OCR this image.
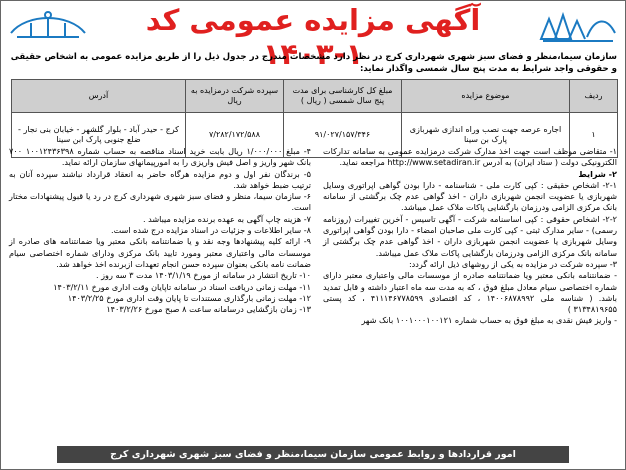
آگهی مزایده عمومی کد ۱-۱۴۰۳
سازمان سیما،منظر و فضای سبز شهری شهرداری کرج در نظر دارد مشخصات مندرج در جدول ذیل را از طریق مزایده عمومی به اشخاص حقیقی و حقوقی واجد شرایط به مدت پنج سال شمسی واگذار نماید:
ردیف	موضوع مزایده	مبلغ کل کارشناسی برای مدت پنج سال شمسی ( ریال )	سپرده شرکت درمزایده به ریال	آدرس
۱	اجاره عرصه جهت نصب وراه اندازی شهربازی پارک بن سینا	۹۱/۰۲۷/۱۵۷/۳۴۶	۷/۲۸۲/۱۷۲/۵۸۸	کرج - حیدر آباد - بلوار گلشهر - خیابان بنی نجار - ضلع جنوبی پارک ابن سینا

۱- متقاضی موظف است جهت اخذ مدارک شرکت درمزایده عمومی به سامانه تدارکات الکترونیکی دولت ( ستاد ایران) به آدرس http://www.setadiran.ir مراجعه نماید.

۲- شرایط

۲-۱- اشخاص حقیقی : کپی کارت ملی - شناسنامه - دارا بودن گواهی اپراتوری وسایل شهربازی یا عضویت انجمن شهربازی داران - اخذ گواهی عدم چک برگشتی از سامانه بانک مرکزی الزامی ودرزمان بارگشایی پاکات ملاک عمل میباشد.

۲-۲- اشخاص حقوقی : کپی اساسنامه شرکت - آگهی تاسیس - آخرین تغییرات (روزنامه رسمی) - سایر مدارک ثبتی - کپی کارت ملی صاحبان امضاء - دارا بودن گواهی اپراتوری وسایل شهربازی یا عضویت انجمن شهربازی داران - اخذ گواهی عدم چک برگشتی از سامانه بانک مرکزی الزامی ودرزمان بارگشایی پاکات ملاک عمل میباشد.

۳- سپرده شرکت در مزایده به یکی از روشهای ذیل ارائه گردد:

- ضمانتنامه بانکی معتبر ویا ضمانتنامه صادره از موسسات مالی واعتباری معتبر دارای شماره اختصاصی سیام معادل مبلغ فوق ، که به مدت سه ماه اعتبار داشته و قابل تمدید باشد. ( شناسه ملی ۱۴۰۰۶۸۷۸۹۹۲ ، کد اقتصادی ۴۱۱۱۴۶۷۷۸۵۹۹ ، کد پستی ۳۱۳۴۸۱۹۶۵۵ )

- واریز فیش نقدی به مبلغ فوق به حساب شماره ۱۰۰۱۰۰۰۱۰۰۱۲۱ بانک شهر

۴- مبلغ ۱/۰۰۰/۰۰۰ ریال بابت خرید اسناد مناقصه به حساب شماره ۱۰۰۱۲۴۳۶۳۹۸ ۷۰۰ بانک شهر واریز و اصل فیش واریزی را به امورپیمانهای سازمان ارائه نماید.

۵- برندگان نفر اول و دوم مزایده هرگاه حاضر به انعقاد قرارداد نباشند سپرده آنان به ترتیب ضبط خواهد شد.

۶- سازمان سیما، منظر و فضای سبز شهری شهرداری کرج در رد یا قبول پیشنهادات مختار است.

۷- هزینه چاپ آگهی به عهده برنده مزایده میباشد .

۸- سایر اطلاعات و جزئیات در اسناد مزایده درج شده است.

۹- ارائه کلیه پیشنهادها وجه نقد و یا ضمانتنامه بانکی معتبر ویا ضمانتنامه های صادره از موسسات مالی واعتباری معتبر ومورد تایید بانک مرکزی ودارای شماره اختصاصی سیام ضمانت نامه بانکی بعنوان سپرده حسن انجام تعهدات ازبرنده اخذ خواهد شد.

۱۰- تاریخ انتشار در سامانه از مورخ ۱۴۰۳/۱/۱۹ مدت ۳ سه روز .

۱۱- مهلت زمانی دریافت اسناد در سامانه تاپایان وقت اداری مورخ ۱۴۰۳/۲/۱۱

۱۲- مهلت زمانی بارگذاری مستندات تا پایان وقت اداری مورخ ۱۴۰۳/۲/۲۵

۱۳- زمان بازگشایی درسامانه ساعت ۸ صبح مورخ ۱۴۰۳/۲/۲۶

امور قراردادها و روابط عمومی سازمان سیما،منظر و فضای سبز شهری شهرداری کرج
